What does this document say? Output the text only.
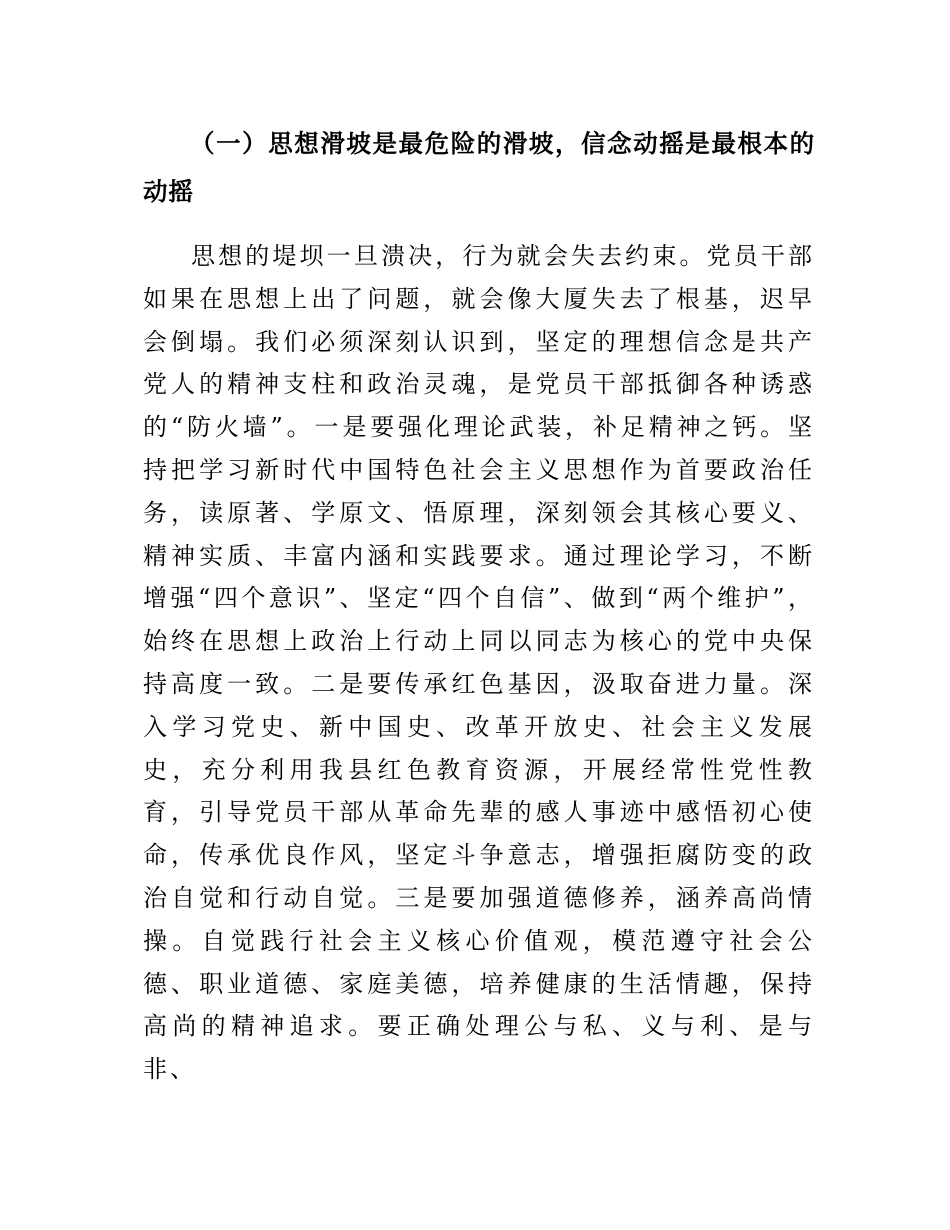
（一）思想滑坡是最危险的滑坡，信念动摇是最根本的动摇

思想的堤坝一旦溃决，行为就会失去约束。党员干部如果在思想上出了问题，就会像大厦失去了根基，迟早会倒塌。我们必须深刻认识到，坚定的理想信念是共产党人的精神支柱和政治灵魂，是党员干部抵御各种诱惑的“防火墙”。一是要强化理论武装，补足精神之钙。坚持把学习新时代中国特色社会主义思想作为首要政治任务，读原著、学原文、悟原理，深刻领会其核心要义、精神实质、丰富内涵和实践要求。通过理论学习，不断增强“四个意识”、坚定“四个自信”、做到“两个维护”，始终在思想上政治上行动上同以同志为核心的党中央保持高度一致。二是要传承红色基因，汲取奋进力量。深入学习党史、新中国史、改革开放史、社会主义发展史，充分利用我县红色教育资源，开展经常性党性教育，引导党员干部从革命先辈的感人事迹中感悟初心使命，传承优良作风，坚定斗争意志，增强拒腐防变的政治自觉和行动自觉。三是要加强道德修养，涵养高尚情操。自觉践行社会主义核心价值观，模范遵守社会公德、职业道德、家庭美德，培养健康的生活情趣，保持高尚的精神追求。要正确处理公与私、义与利、是与非、
